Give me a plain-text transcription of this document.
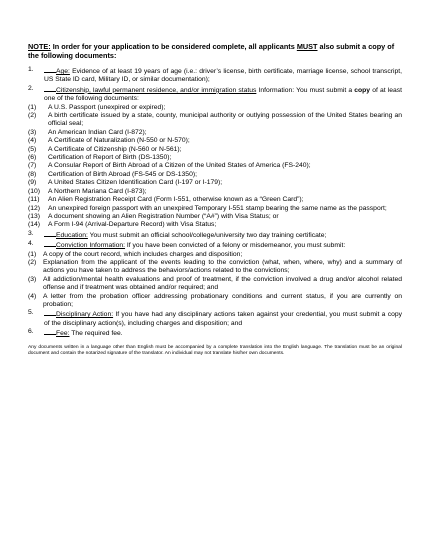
NOTE: In order for your application to be considered complete, all applicants MUST also submit a copy of the following documents:

1.	Age: Evidence of at least 19 years of age (i.e.: driver’s license, birth certificate, marriage license, school transcript, US State ID card, Military ID, or similar documentation);
2.	Citizenship, lawful permanent residence, and/or immigration status Information: You must submit a copy of at least one of the following documents:
(1) A U.S. Passport (unexpired or expired);
(2) A birth certificate issued by a state, county, municipal authority or outlying possession of the United States bearing an official seal;
(3) An American Indian Card (I-872);
(4) A Certificate of Naturalization (N-550 or N-570);
(5) A Certificate of Citizenship (N-560 or N-561);
(6) Certification of Report of Birth (DS-1350);
(7) A Consular Report of Birth Abroad of a Citizen of the United States of America (FS-240);
(8) Certification of Birth Abroad (FS-545 or DS-1350);
(9) A United States Citizen Identification Card (I-197 or I-179);
(10) A Northern Mariana Card (I-873);
(11) An Alien Registration Receipt Card (Form I-551, otherwise known as a “Green Card”);
(12) An unexpired foreign passport with an unexpired Temporary I-551 stamp bearing the same name as the passport;
(13) A document showing an Alien Registration Number (“A#”) with Visa Status; or
(14) A Form I-94 (Arrival-Departure Record) with Visa Status;
3.	Education: You must submit an official school/college/university two day training certificate;
4.	Conviction Information: If you have been convicted of a felony or misdemeanor, you must submit:
(1) A copy of the court record, which includes charges and disposition;
(2) Explanation from the applicant of the events leading to the conviction (what, when, where, why) and a summary of actions you have taken to address the behaviors/actions related to the convictions;
(3) All addiction/mental health evaluations and proof of treatment, if the conviction involved a drug and/or alcohol related offense and if treatment was obtained and/or required; and
(4) A letter from the probation officer addressing probationary conditions and current status, if you are currently on probation;
5.	Disciplinary Action: If you have had any disciplinary actions taken against your credential, you must submit a copy of the disciplinary action(s), including charges and disposition; and
6.	Fee: The required fee.

Any documents written in a language other than English must be accompanied by a complete translation into the English language. The translation must be an original document and contain the notarized signature of the translator. An individual may not translate his/her own documents.
